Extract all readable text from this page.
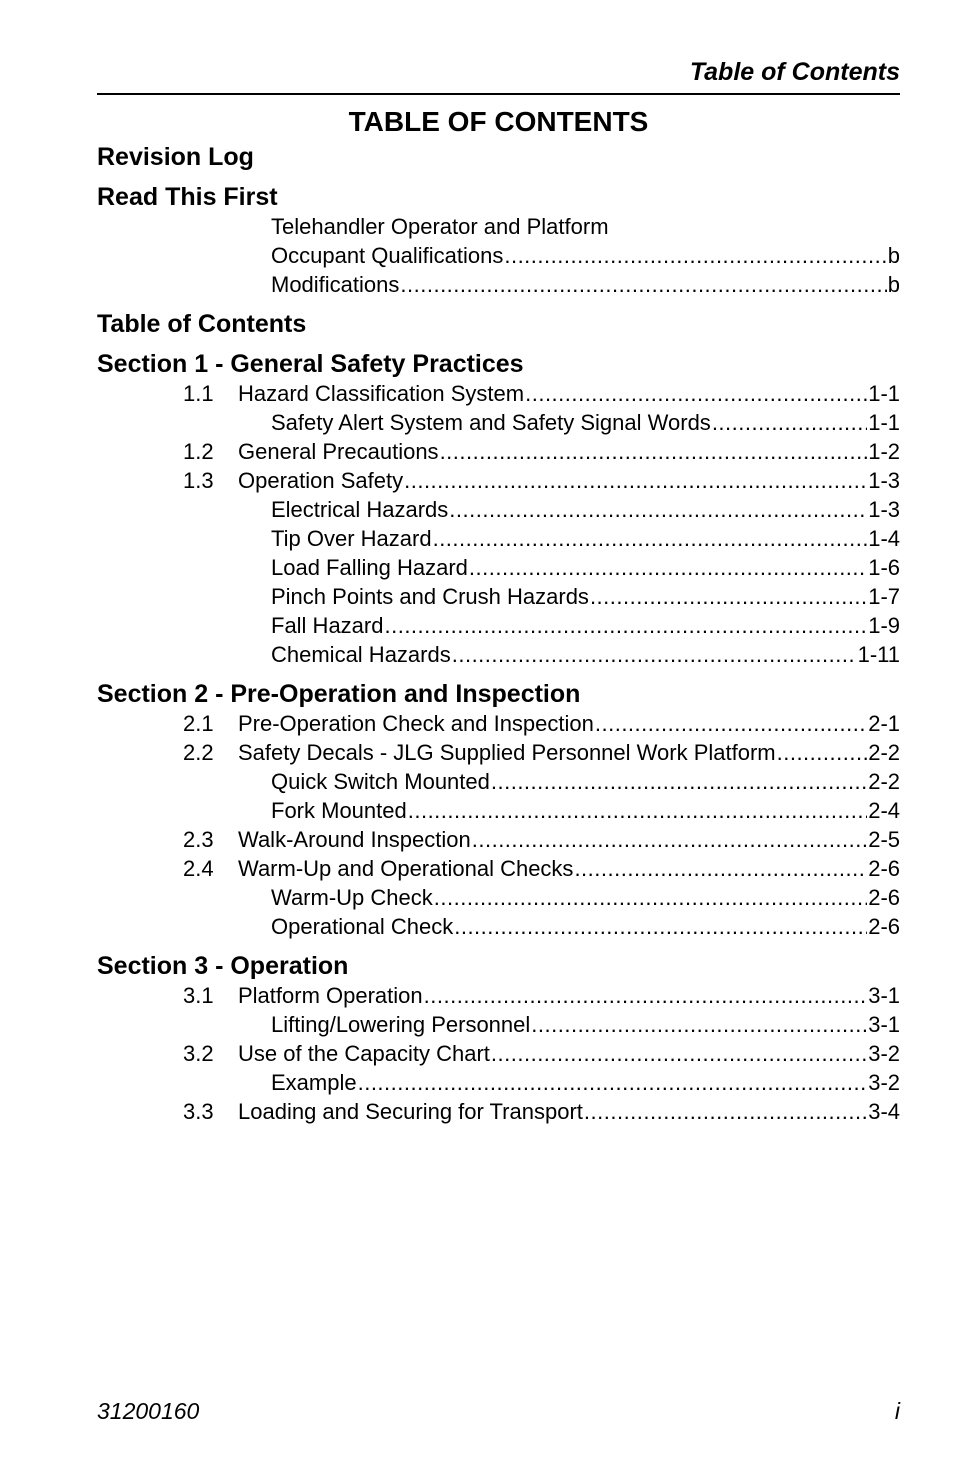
Table of Contents
TABLE OF CONTENTS
Revision Log
Read This First
Telehandler Operator and Platform
Occupant Qualifications .....	b
Modifications .....	b
Table of Contents
Section 1 - General Safety Practices
1.1 Hazard Classification System .....	1-1
Safety Alert System and Safety Signal Words .....	1-1
1.2 General Precautions .....	1-2
1.3 Operation Safety .....	1-3
Electrical Hazards .....	1-3
Tip Over Hazard .....	1-4
Load Falling Hazard .....	1-6
Pinch Points and Crush Hazards .....	1-7
Fall Hazard .....	1-9
Chemical Hazards .....	1-11
Section 2 - Pre-Operation and Inspection
2.1 Pre-Operation Check and Inspection .....	2-1
2.2 Safety Decals - JLG Supplied Personnel Work Platform .....	2-2
Quick Switch Mounted .....	2-2
Fork Mounted .....	2-4
2.3 Walk-Around Inspection .....	2-5
2.4 Warm-Up and Operational Checks .....	2-6
Warm-Up Check .....	2-6
Operational Check .....	2-6
Section 3 - Operation
3.1 Platform Operation .....	3-1
Lifting/Lowering Personnel .....	3-1
3.2 Use of the Capacity Chart .....	3-2
Example .....	3-2
3.3 Loading and Securing for Transport .....	3-4
31200160	i
